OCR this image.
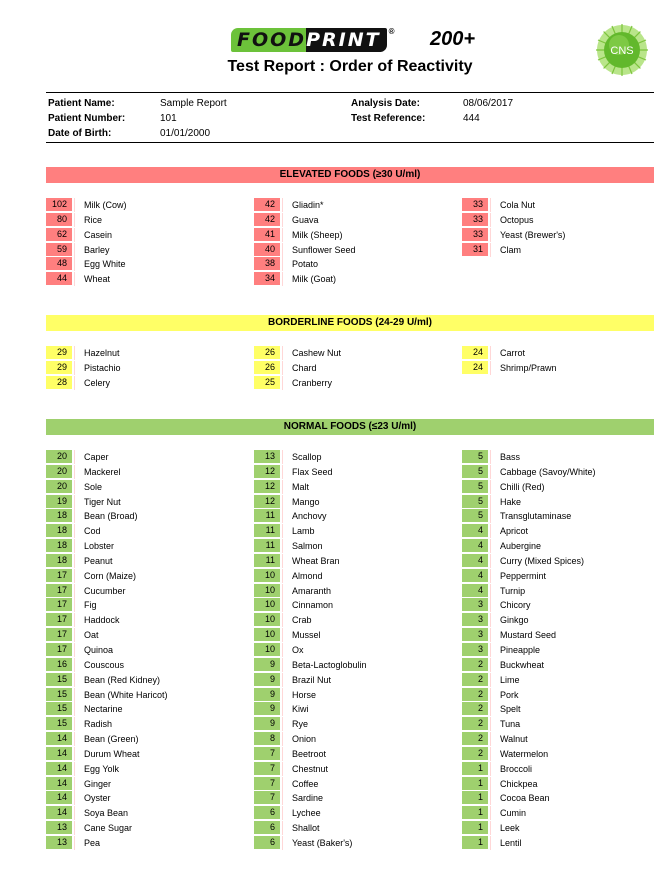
FOOD PRINT ® 200+
Test Report : Order of Reactivity
CNS
Patient Name:	Sample Report	Analysis Date:	08/06/2017
Patient Number:	101	Test Reference:	444
Date of Birth:	01/01/2000
ELEVATED FOODS (≥30 U/ml)
102	Milk (Cow)
80	Rice
62	Casein
59	Barley
48	Egg White
44	Wheat
42	Gliadin*
42	Guava
41	Milk (Sheep)
40	Sunflower Seed
38	Potato
34	Milk (Goat)
33	Cola Nut
33	Octopus
33	Yeast (Brewer's)
31	Clam
BORDERLINE FOODS (24-29 U/ml)
29	Hazelnut
29	Pistachio
28	Celery
26	Cashew Nut
26	Chard
25	Cranberry
24	Carrot
24	Shrimp/Prawn
NORMAL FOODS (≤23 U/ml)
20	Caper
20	Mackerel
20	Sole
19	Tiger Nut
18	Bean (Broad)
18	Cod
18	Lobster
18	Peanut
17	Corn (Maize)
17	Cucumber
17	Fig
17	Haddock
17	Oat
17	Quinoa
16	Couscous
15	Bean (Red Kidney)
15	Bean (White Haricot)
15	Nectarine
15	Radish
14	Bean (Green)
14	Durum Wheat
14	Egg Yolk
14	Ginger
14	Oyster
14	Soya Bean
13	Cane Sugar
13	Pea
13	Scallop
12	Flax Seed
12	Malt
12	Mango
11	Anchovy
11	Lamb
11	Salmon
11	Wheat Bran
10	Almond
10	Amaranth
10	Cinnamon
10	Crab
10	Mussel
10	Ox
9	Beta-Lactoglobulin
9	Brazil Nut
9	Horse
9	Kiwi
9	Rye
8	Onion
7	Beetroot
7	Chestnut
7	Coffee
7	Sardine
6	Lychee
6	Shallot
6	Yeast (Baker's)
5	Bass
5	Cabbage (Savoy/White)
5	Chilli (Red)
5	Hake
5	Transglutaminase
4	Apricot
4	Aubergine
4	Curry (Mixed Spices)
4	Peppermint
4	Turnip
3	Chicory
3	Ginkgo
3	Mustard Seed
3	Pineapple
2	Buckwheat
2	Lime
2	Pork
2	Spelt
2	Tuna
2	Walnut
2	Watermelon
1	Broccoli
1	Chickpea
1	Cocoa Bean
1	Cumin
1	Leek
1	Lentil
